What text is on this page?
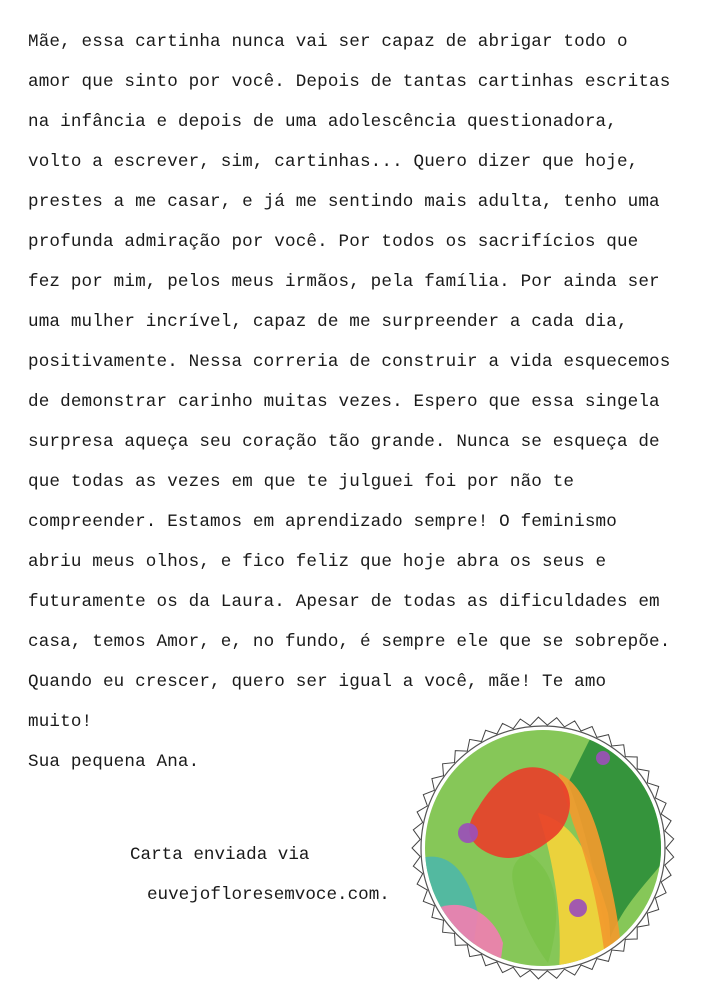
Mãe, essa cartinha nunca vai ser capaz de abrigar todo o
amor que sinto por você. Depois de tantas cartinhas escritas
na infância e depois de uma adolescência questionadora,
volto a escrever, sim, cartinhas... Quero dizer que hoje,
prestes a me casar, e já me sentindo mais adulta, tenho uma
profunda admiração por você. Por todos os sacrifícios que
fez por mim, pelos meus irmãos, pela família. Por ainda ser
uma mulher incrível, capaz de me surpreender a cada dia,
positivamente. Nessa correria de construir a vida esquecemos
de demonstrar carinho muitas vezes. Espero que essa singela
surpresa aqueça seu coração tão grande. Nunca se esqueça de
que todas as vezes em que te julguei foi por não te
compreender. Estamos em aprendizado sempre! O feminismo
abriu meus olhos, e fico feliz que hoje abra os seus e
futuramente os da Laura. Apesar de todas as dificuldades em
casa, temos Amor, e, no fundo, é sempre ele que se sobrepõe.
Quando eu crescer, quero ser igual a você, mãe! Te amo
muito!
Sua pequena Ana.
Carta enviada via
euvejofloresemvoce.com.
